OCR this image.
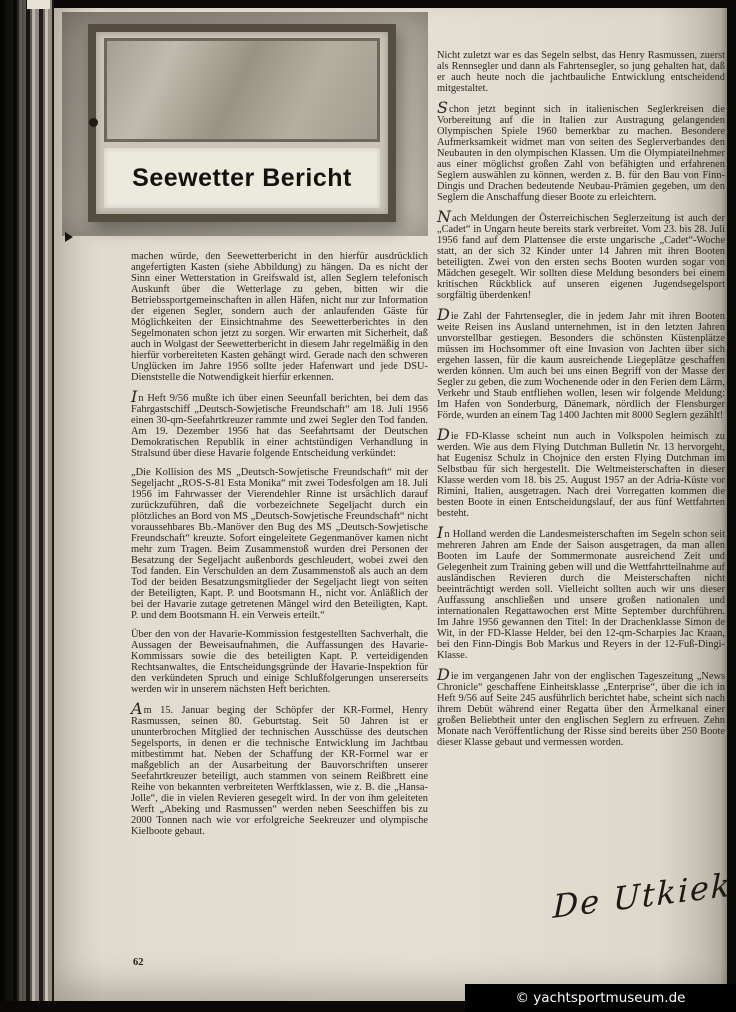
Seewetter Bericht

machen würde, den Seewetterbericht in den hierfür ausdrücklich angefertigten Kasten (siehe Abbildung) zu hängen. Da es nicht der Sinn einer Wetterstation in Greifswald ist, allen Seglern telefonisch Auskunft über die Wetterlage zu geben, bitten wir die Betriebssportgemeinschaften in allen Häfen, nicht nur zur Information der eigenen Segler, sondern auch der anlaufenden Gäste für Möglichkeiten der Einsichtnahme des Seewetterberichtes in den Segelmonaten schon jetzt zu sorgen. Wir erwarten mit Sicherheit, daß auch in Wolgast der Seewetterbericht in diesem Jahr regelmäßig in den hierfür vorbereiteten Kasten gehängt wird. Gerade nach den schweren Unglücken im Jahre 1956 sollte jeder Hafenwart und jede DSU-Dienststelle die Notwendigkeit hierfür erkennen.

In Heft 9/56 mußte ich über einen Seeunfall berichten, bei dem das Fahrgastschiff „Deutsch-Sowjetische Freundschaft“ am 18. Juli 1956 einen 30-qm-Seefahrtkreuzer rammte und zwei Segler den Tod fanden. Am 19. Dezember 1956 hat das Seefahrtsamt der Deutschen Demokratischen Republik in einer achtstündigen Verhandlung in Stralsund über diese Havarie folgende Entscheidung verkündet:

„Die Kollision des MS „Deutsch-Sowjetische Freundschaft“ mit der Segeljacht „ROS-S-81 Esta Monika“ mit zwei Todesfolgen am 18. Juli 1956 im Fahrwasser der Vierendehler Rinne ist ursächlich darauf zurückzuführen, daß die vorbezeichnete Segeljacht durch ein plötzliches an Bord von MS „Deutsch-Sowjetische Freundschaft“ nicht voraussehbares Bb.-Manöver den Bug des MS „Deutsch-Sowjetische Freundschaft“ kreuzte. Sofort eingeleitete Gegenmanöver kamen nicht mehr zum Tragen. Beim Zusammenstoß wurden drei Personen der Besatzung der Segeljacht außenbords geschleudert, wobei zwei den Tod fanden. Ein Verschulden an dem Zusammenstoß als auch an dem Tod der beiden Besatzungsmitglieder der Segeljacht liegt von seiten der Beteiligten, Kapt. P. und Bootsmann H., nicht vor. Anläßlich der bei der Havarie zutage getretenen Mängel wird den Beteiligten, Kapt. P. und dem Bootsmann H. ein Verweis erteilt.“

Über den von der Havarie-Kommission festgestellten Sachverhalt, die Aussagen der Beweisaufnahmen, die Auffassungen des Havarie-Kommissars sowie die des beteiligten Kapt. P. verteidigenden Rechtsanwaltes, die Entscheidungsgründe der Havarie-Inspektion für den verkündeten Spruch und einige Schlußfolgerungen unsererseits werden wir in unserem nächsten Heft berichten.

Am 15. Januar beging der Schöpfer der KR-Formel, Henry Rasmussen, seinen 80. Geburtstag. Seit 50 Jahren ist er ununterbrochen Mitglied der technischen Ausschüsse des deutschen Segelsports, in denen er die technische Entwicklung im Jachtbau mitbestimmt hat. Neben der Schaffung der KR-Formel war er maßgeblich an der Ausarbeitung der Bauvorschriften unserer Seefahrtkreuzer beteiligt, auch stammen von seinem Reißbrett eine Reihe von bekannten verbreiteten Werftklassen, wie z. B. die „Hansa-Jolle“, die in vielen Revieren gesegelt wird. In der von ihm geleiteten Werft „Abeking und Rasmussen“ werden neben Seeschiffen bis zu 2000 Tonnen nach wie vor erfolgreiche Seekreuzer und olympische Kielboote gebaut.

Nicht zuletzt war es das Segeln selbst, das Henry Rasmussen, zuerst als Rennsegler und dann als Fahrtensegler, so jung gehalten hat, daß er auch heute noch die jachtbauliche Entwicklung entscheidend mitgestaltet.

Schon jetzt beginnt sich in italienischen Seglerkreisen die Vorbereitung auf die in Italien zur Austragung gelangenden Olympischen Spiele 1960 bemerkbar zu machen. Besondere Aufmerksamkeit widmet man von seiten des Seglerverbandes den Neubauten in den olympischen Klassen. Um die Olympiateilnehmer aus einer möglichst großen Zahl von befähigten und erfahrenen Seglern auswählen zu können, werden z. B. für den Bau von Finn-Dingis und Drachen bedeutende Neubau-Prämien gegeben, um den Seglern die Anschaffung dieser Boote zu erleichtern.

Nach Meldungen der Österreichischen Seglerzeitung ist auch der „Cadet“ in Ungarn heute bereits stark verbreitet. Vom 23. bis 28. Juli 1956 fand auf dem Plattensee die erste ungarische „Cadet“-Woche statt, an der sich 32 Kinder unter 14 Jahren mit ihren Booten beteiligten. Zwei von den ersten sechs Booten wurden sogar von Mädchen gesegelt. Wir sollten diese Meldung besonders bei einem kritischen Rückblick auf unseren eigenen Jugendsegelsport sorgfältig überdenken!

Die Zahl der Fahrtensegler, die in jedem Jahr mit ihren Booten weite Reisen ins Ausland unternehmen, ist in den letzten Jahren unvorstellbar gestiegen. Besonders die schönsten Küstenplätze müssen im Hochsommer oft eine Invasion von Jachten über sich ergehen lassen, für die kaum ausreichende Liegeplätze geschaffen werden können. Um auch bei uns einen Begriff von der Masse der Segler zu geben, die zum Wochenende oder in den Ferien dem Lärm, Verkehr und Staub entfliehen wollen, lesen wir folgende Meldung: Im Hafen von Sonderburg, Dänemark, nördlich der Flensburger Förde, wurden an einem Tag 1400 Jachten mit 8000 Seglern gezählt!

Die FD-Klasse scheint nun auch in Volkspolen heimisch zu werden. Wie aus dem Flying Dutchman Bulletin Nr. 13 hervorgeht, hat Eugenisz Schulz in Chojnice den ersten Flying Dutchman im Selbstbau für sich hergestellt. Die Weltmeisterschaften in dieser Klasse werden vom 18. bis 25. August 1957 an der Adria-Küste vor Rimini, Italien, ausgetragen. Nach drei Vorregatten kommen die besten Boote in einen Entscheidungslauf, der aus fünf Wettfahrten besteht.

In Holland werden die Landesmeisterschaften im Segeln schon seit mehreren Jahren am Ende der Saison ausgetragen, da man allen Booten im Laufe der Sommermonate ausreichend Zeit und Gelegenheit zum Training geben will und die Wettfahrtteilnahme auf ausländischen Revieren durch die Meisterschaften nicht beeinträchtigt werden soll. Vielleicht sollten auch wir uns dieser Auffassung anschließen und unsere großen nationalen und internationalen Regattawochen erst Mitte September durchführen. Im Jahre 1956 gewannen den Titel: In der Drachenklasse Simon de Wit, in der FD-Klasse Helder, bei den 12-qm-Scharpies Jac Kraan, bei den Finn-Dingis Bob Markus und Reyers in der 12-Fuß-Dingi-Klasse.

Die im vergangenen Jahr von der englischen Tageszeitung „News Chronicle“ geschaffene Einheitsklasse „Enterprise“, über die ich in Heft 9/56 auf Seite 245 ausführlich berichtet habe, scheint sich nach ihrem Debüt während einer Regatta über den Ärmelkanal einer großen Beliebtheit unter den englischen Seglern zu erfreuen. Zehn Monate nach Veröffentlichung der Risse sind bereits über 250 Boote dieser Klasse gebaut und vermessen worden.

62
De Utkiek
© yachtsportmuseum.de
